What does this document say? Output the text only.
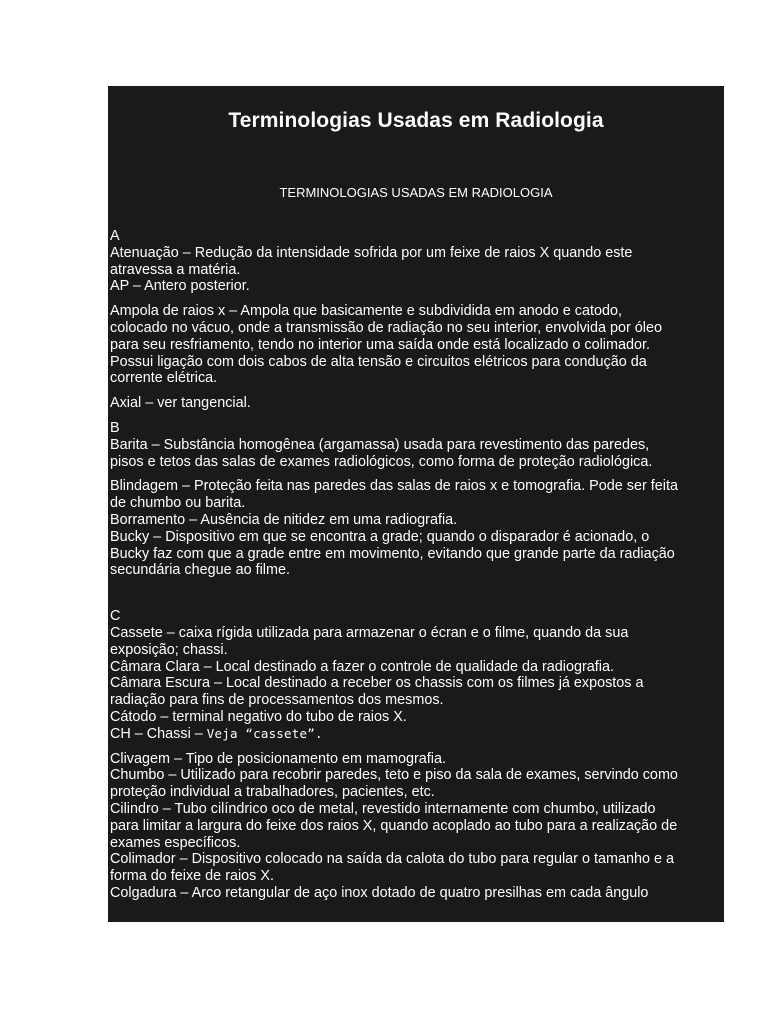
Terminologias Usadas em Radiologia
TERMINOLOGIAS USADAS EM RADIOLOGIA
A
Atenuação – Redução da intensidade sofrida por um feixe de raios X quando este
atravessa a matéria.
AP – Antero posterior.
Ampola de raios x – Ampola que basicamente e subdividida em anodo e catodo,
colocado no vácuo, onde a transmissão de radiação no seu interior, envolvida por óleo
para seu resfriamento, tendo no interior uma saída onde está localizado o colimador.
Possui ligação com dois cabos de alta tensão e circuitos elétricos para condução da
corrente elétrica.
Axial – ver tangencial.
B
Barita – Substância homogênea (argamassa) usada para revestimento das paredes,
pisos e tetos das salas de exames radiológicos, como forma de proteção radiológica.
Blindagem – Proteção feita nas paredes das salas de raios x e tomografia. Pode ser feita
de chumbo ou barita.
Borramento – Ausência de nitidez em uma radiografia.
Bucky – Dispositivo em que se encontra a grade; quando o disparador é acionado, o
Bucky faz com que a grade entre em movimento, evitando que grande parte da radiação
secundária chegue ao filme.
C
Cassete – caixa rígida utilizada para armazenar o écran e o filme, quando da sua
exposição; chassi.
Câmara Clara – Local destinado a fazer o controle de qualidade da radiografia.
Câmara Escura – Local destinado a receber os chassis com os filmes já expostos a
radiação para fins de processamentos dos mesmos.
Cátodo – terminal negativo do tubo de raios X.
CH – Chassi – Veja “cassete”.
Clivagem – Tipo de posicionamento em mamografia.
Chumbo – Utilizado para recobrir paredes, teto e piso da sala de exames, servindo como
proteção individual a trabalhadores, pacientes, etc.
Cilindro – Tubo cilíndrico oco de metal, revestido internamente com chumbo, utilizado
para limitar a largura do feixe dos raios X, quando acoplado ao tubo para a realização de
exames específicos.
Colimador – Dispositivo colocado na saída da calota do tubo para regular o tamanho e a
forma do feixe de raios X.
Colgadura – Arco retangular de aço inox dotado de quatro presilhas em cada ângulo
